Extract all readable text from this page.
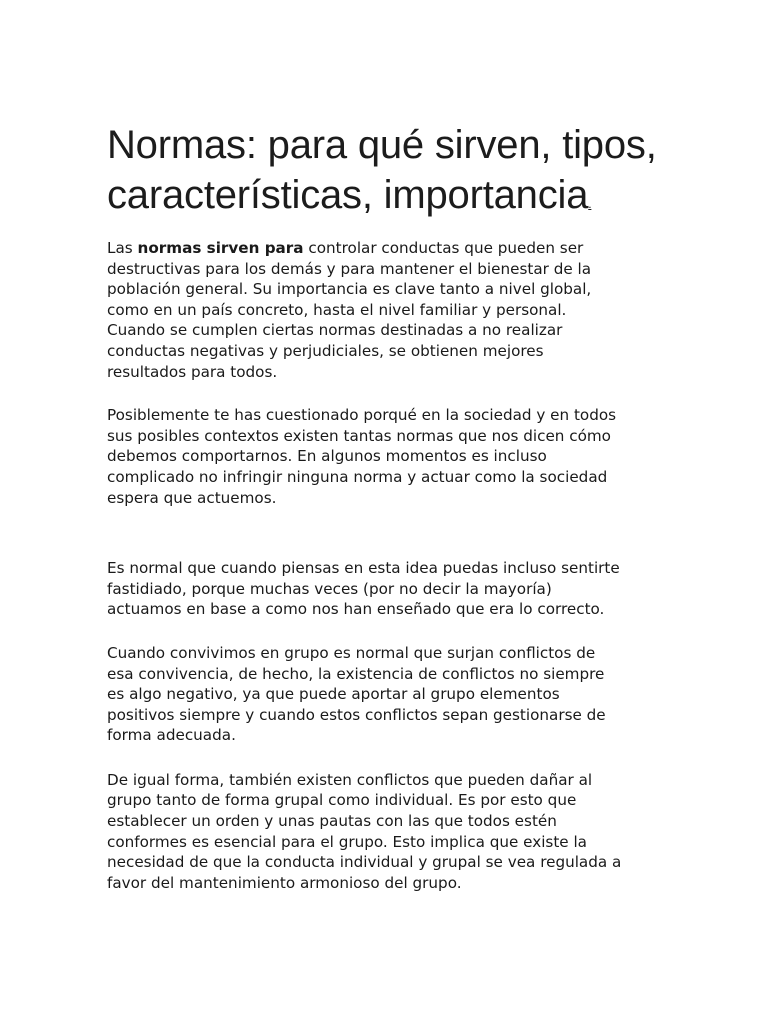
Normas: para qué sirven, tipos,
características, importancia.

Las normas sirven para controlar conductas que pueden ser
destructivas para los demás y para mantener el bienestar de la
población general. Su importancia es clave tanto a nivel global,
como en un país concreto, hasta el nivel familiar y personal.
Cuando se cumplen ciertas normas destinadas a no realizar
conductas negativas y perjudiciales, se obtienen mejores
resultados para todos.

Posiblemente te has cuestionado porqué en la sociedad y en todos
sus posibles contextos existen tantas normas que nos dicen cómo
debemos comportarnos. En algunos momentos es incluso
complicado no infringir ninguna norma y actuar como la sociedad
espera que actuemos.

Es normal que cuando piensas en esta idea puedas incluso sentirte
fastidiado, porque muchas veces (por no decir la mayoría)
actuamos en base a como nos han enseñado que era lo correcto.

Cuando convivimos en grupo es normal que surjan conflictos de
esa convivencia, de hecho, la existencia de conflictos no siempre
es algo negativo, ya que puede aportar al grupo elementos
positivos siempre y cuando estos conflictos sepan gestionarse de
forma adecuada.

De igual forma, también existen conflictos que pueden dañar al
grupo tanto de forma grupal como individual. Es por esto que
establecer un orden y unas pautas con las que todos estén
conformes es esencial para el grupo. Esto implica que existe la
necesidad de que la conducta individual y grupal se vea regulada a
favor del mantenimiento armonioso del grupo.
